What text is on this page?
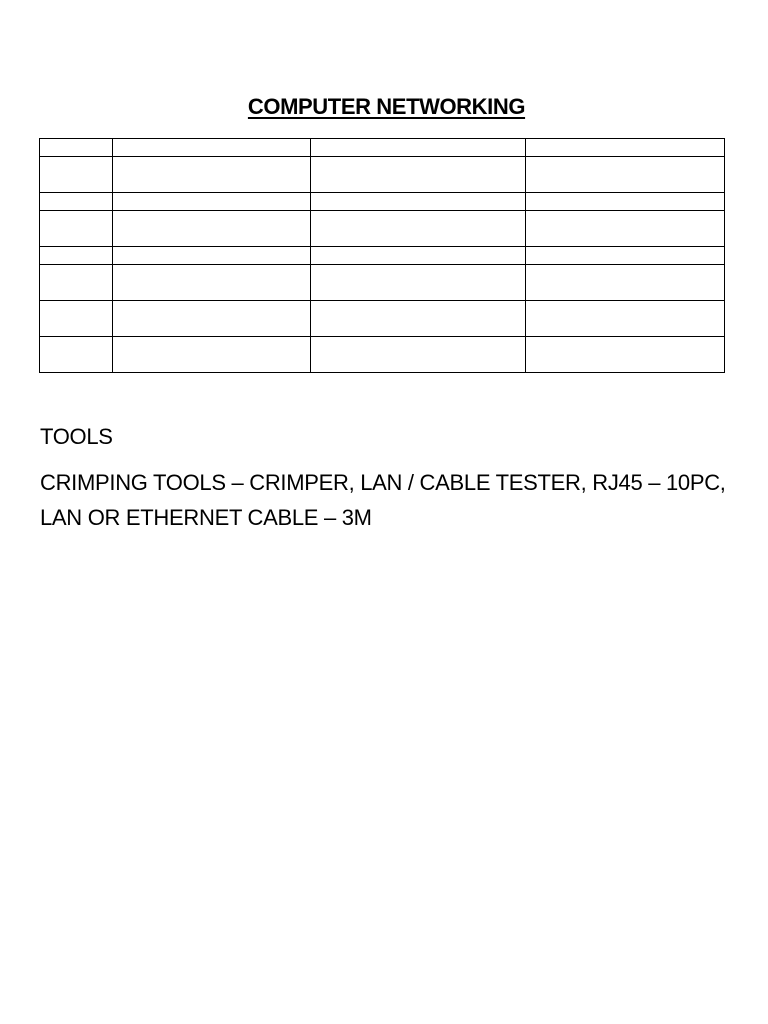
COMPUTER NETWORKING

TOOLS
CRIMPING TOOLS – CRIMPER, LAN / CABLE TESTER, RJ45 – 10PC,
LAN OR ETHERNET CABLE – 3M
